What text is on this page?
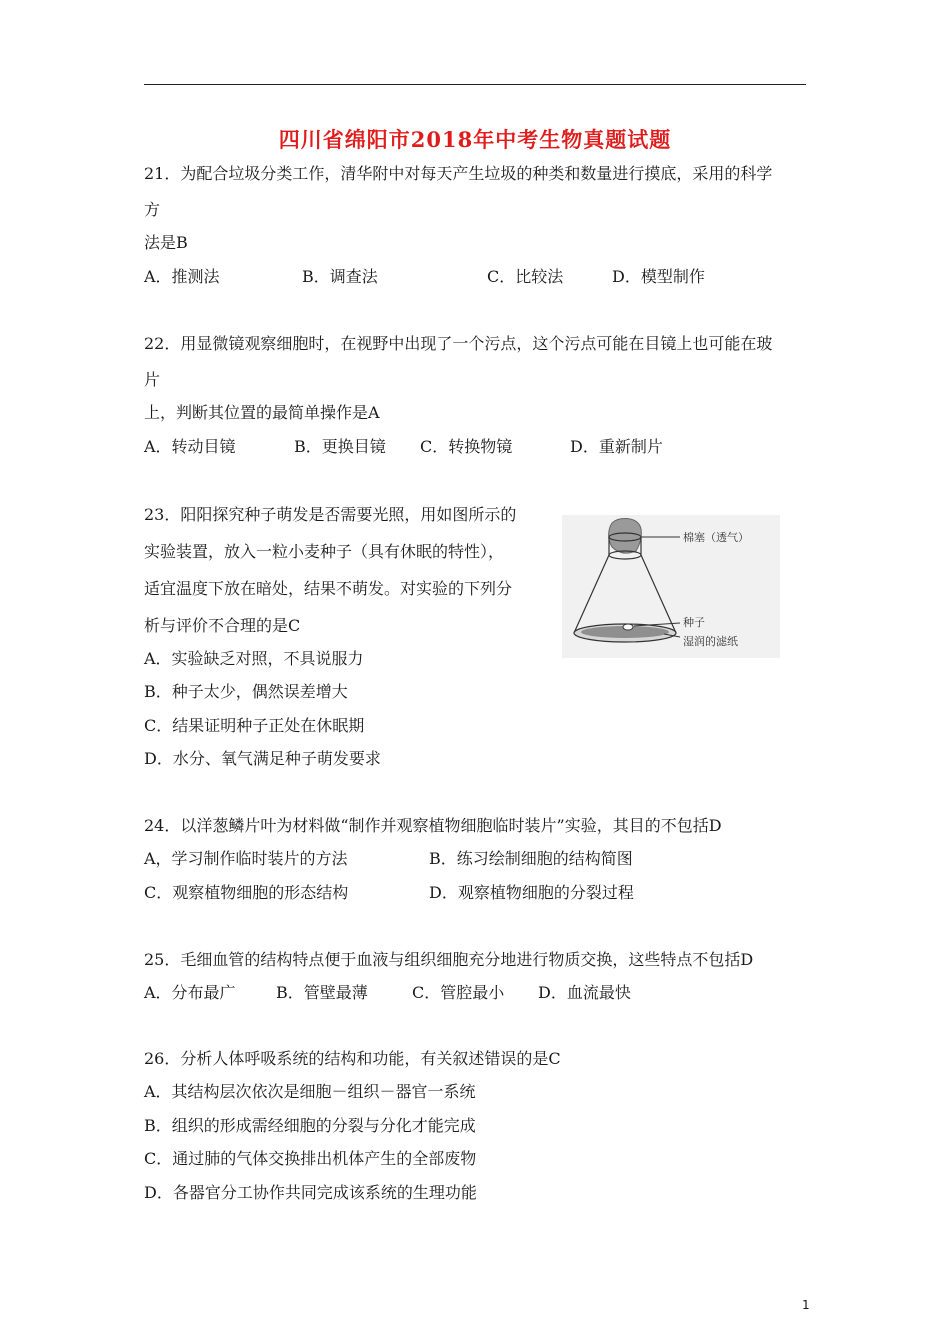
四川省绵阳市2018年中考生物真题试题
21．为配合垃圾分类工作，清华附中对每天产生垃圾的种类和数量进行摸底，采用的科学
方
法是B
A．推测法	B．调查法	C．比较法	D．模型制作
22．用显微镜观察细胞时，在视野中出现了一个污点，这个污点可能在目镜上也可能在玻
片
上，判断其位置的最简单操作是A
A．转动目镜	B．更换目镜 C．转换物镜	D．重新制片
23．阳阳探究种子萌发是否需要光照，用如图所示的
实验装置，放入一粒小麦种子（具有休眠的特性），
适宜温度下放在暗处，结果不萌发。对实验的下列分
析与评价不合理的是C
A．实验缺乏对照，不具说服力
B．种子太少，偶然误差增大
C．结果证明种子正处在休眠期
D．水分、氧气满足种子萌发要求
棉塞（透气）
种子
湿润的滤纸
24．以洋葱鳞片叶为材料做“制作并观察植物细胞临时装片”实验，其目的不包括D
A，学习制作临时装片的方法	B．练习绘制细胞的结构简图
C．观察植物细胞的形态结构	D．观察植物细胞的分裂过程
25．毛细血管的结构特点便于血液与组织细胞充分地进行物质交换，这些特点不包括D
A．分布最广	B．管壁最薄	C．管腔最小 D．血流最快
26．分析人体呼吸系统的结构和功能，有关叙述错误的是C
A．其结构层次依次是细胞－组织－器官一系统
B．组织的形成需经细胞的分裂与分化才能完成
C．通过肺的气体交换排出机体产生的全部废物
D．各器官分工协作共同完成该系统的生理功能
1
